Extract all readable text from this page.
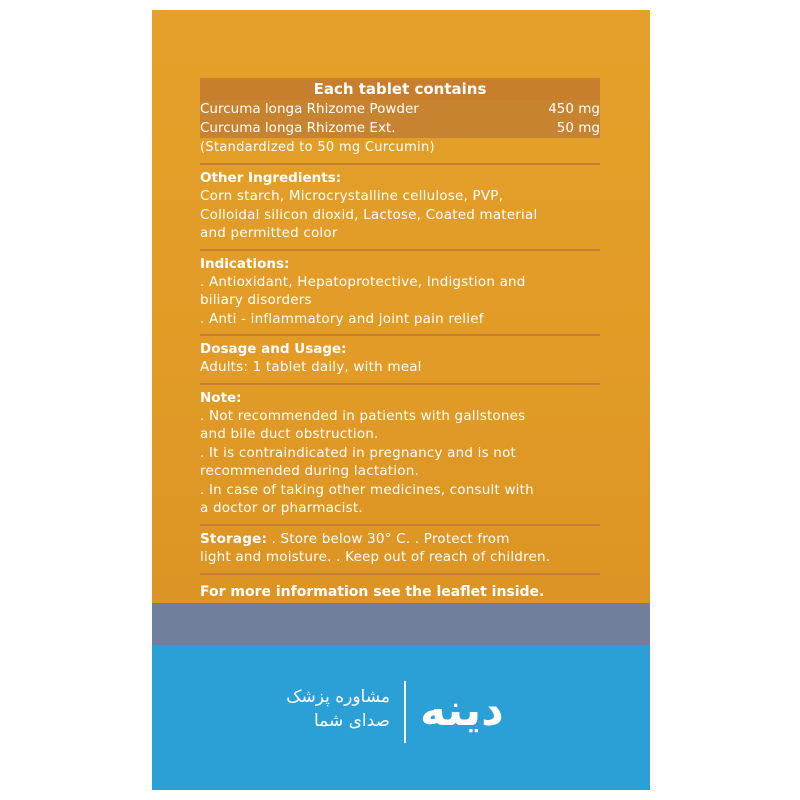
Each tablet contains
Curcuma longa Rhizome Powder	450 mg
Curcuma longa Rhizome Ext.	50 mg
(Standardized to 50 mg Curcumin)
Other Ingredients:
Corn starch, Microcrystalline cellulose, PVP,
Colloidal silicon dioxid, Lactose, Coated material
and permitted color
Indications:
. Antioxidant, Hepatoprotective, Indigstion and
biliary disorders
. Anti - inflammatory and joint pain relief
Dosage and Usage:
Adults: 1 tablet daily, with meal
Note:
. Not recommended in patients with gallstones
and bile duct obstruction.
. It is contraindicated in pregnancy and is not
recommended during lactation.
. In case of taking other medicines, consult with
a doctor or pharmacist.
Storage: . Store below 30° C. . Protect from
light and moisture. . Keep out of reach of children.
For more information see the leaflet inside.
مشاوره پزشک
صدای شما دینه
